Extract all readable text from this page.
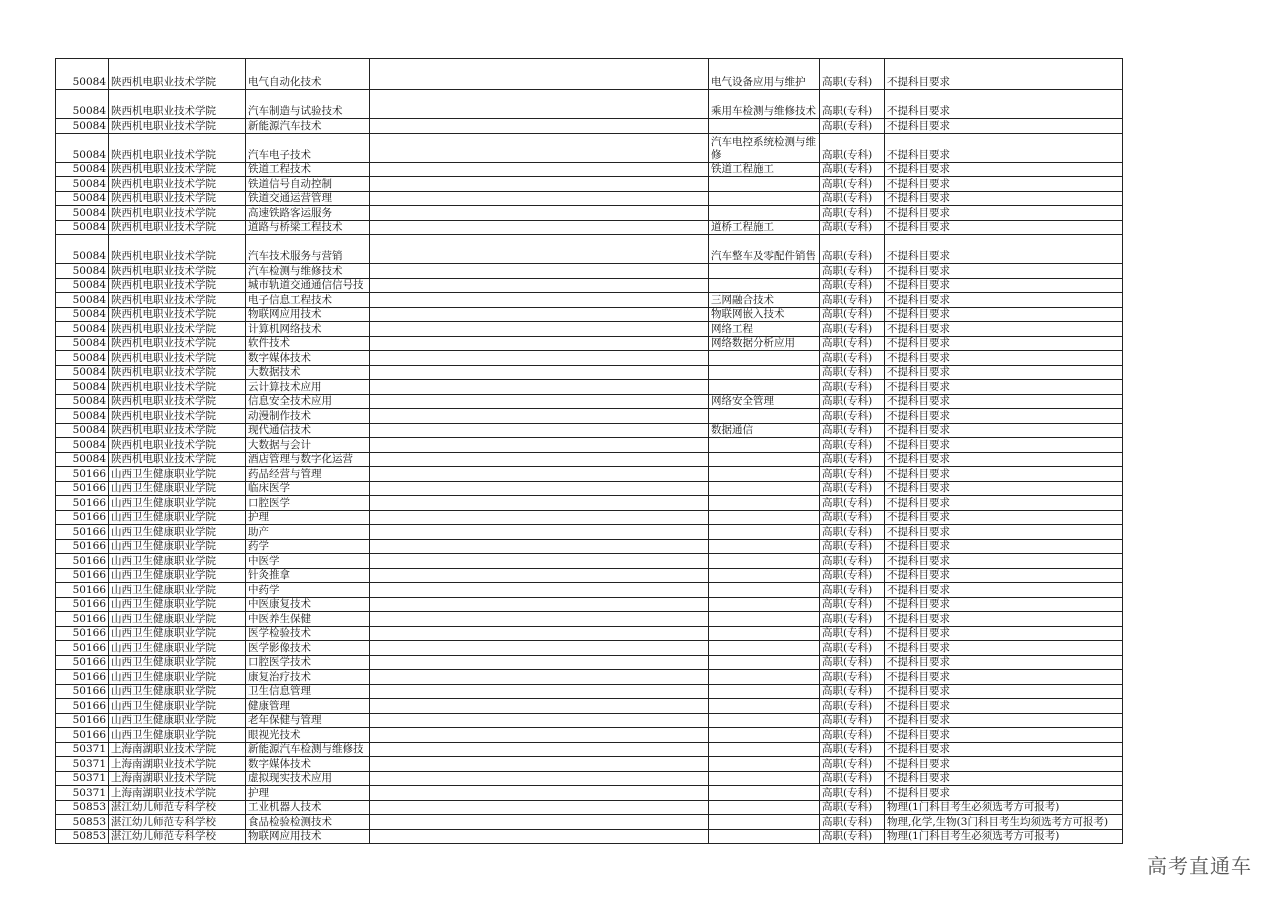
50084	陕西机电职业技术学院	电气自动化技术		电气设备应用与维护	高职(专科)	不提科目要求
50084	陕西机电职业技术学院	汽车制造与试验技术		乘用车检测与维修技术	高职(专科)	不提科目要求
50084	陕西机电职业技术学院	新能源汽车技术			高职(专科)	不提科目要求
50084	陕西机电职业技术学院	汽车电子技术		汽车电控系统检测与维修	高职(专科)	不提科目要求
50084	陕西机电职业技术学院	铁道工程技术		铁道工程施工	高职(专科)	不提科目要求
50084	陕西机电职业技术学院	铁道信号自动控制			高职(专科)	不提科目要求
50084	陕西机电职业技术学院	铁道交通运营管理			高职(专科)	不提科目要求
50084	陕西机电职业技术学院	高速铁路客运服务			高职(专科)	不提科目要求
50084	陕西机电职业技术学院	道路与桥梁工程技术		道桥工程施工	高职(专科)	不提科目要求
50084	陕西机电职业技术学院	汽车技术服务与营销		汽车整车及零配件销售	高职(专科)	不提科目要求
50084	陕西机电职业技术学院	汽车检测与维修技术			高职(专科)	不提科目要求
50084	陕西机电职业技术学院	城市轨道交通通信信号技			高职(专科)	不提科目要求
50084	陕西机电职业技术学院	电子信息工程技术		三网融合技术	高职(专科)	不提科目要求
50084	陕西机电职业技术学院	物联网应用技术		物联网嵌入技术	高职(专科)	不提科目要求
50084	陕西机电职业技术学院	计算机网络技术		网络工程	高职(专科)	不提科目要求
50084	陕西机电职业技术学院	软件技术		网络数据分析应用	高职(专科)	不提科目要求
50084	陕西机电职业技术学院	数字媒体技术			高职(专科)	不提科目要求
50084	陕西机电职业技术学院	大数据技术			高职(专科)	不提科目要求
50084	陕西机电职业技术学院	云计算技术应用			高职(专科)	不提科目要求
50084	陕西机电职业技术学院	信息安全技术应用		网络安全管理	高职(专科)	不提科目要求
50084	陕西机电职业技术学院	动漫制作技术			高职(专科)	不提科目要求
50084	陕西机电职业技术学院	现代通信技术		数据通信	高职(专科)	不提科目要求
50084	陕西机电职业技术学院	大数据与会计			高职(专科)	不提科目要求
50084	陕西机电职业技术学院	酒店管理与数字化运营			高职(专科)	不提科目要求
50166	山西卫生健康职业学院	药品经营与管理			高职(专科)	不提科目要求
50166	山西卫生健康职业学院	临床医学			高职(专科)	不提科目要求
50166	山西卫生健康职业学院	口腔医学			高职(专科)	不提科目要求
50166	山西卫生健康职业学院	护理			高职(专科)	不提科目要求
50166	山西卫生健康职业学院	助产			高职(专科)	不提科目要求
50166	山西卫生健康职业学院	药学			高职(专科)	不提科目要求
50166	山西卫生健康职业学院	中医学			高职(专科)	不提科目要求
50166	山西卫生健康职业学院	针灸推拿			高职(专科)	不提科目要求
50166	山西卫生健康职业学院	中药学			高职(专科)	不提科目要求
50166	山西卫生健康职业学院	中医康复技术			高职(专科)	不提科目要求
50166	山西卫生健康职业学院	中医养生保健			高职(专科)	不提科目要求
50166	山西卫生健康职业学院	医学检验技术			高职(专科)	不提科目要求
50166	山西卫生健康职业学院	医学影像技术			高职(专科)	不提科目要求
50166	山西卫生健康职业学院	口腔医学技术			高职(专科)	不提科目要求
50166	山西卫生健康职业学院	康复治疗技术			高职(专科)	不提科目要求
50166	山西卫生健康职业学院	卫生信息管理			高职(专科)	不提科目要求
50166	山西卫生健康职业学院	健康管理			高职(专科)	不提科目要求
50166	山西卫生健康职业学院	老年保健与管理			高职(专科)	不提科目要求
50166	山西卫生健康职业学院	眼视光技术			高职(专科)	不提科目要求
50371	上海南湖职业技术学院	新能源汽车检测与维修技			高职(专科)	不提科目要求
50371	上海南湖职业技术学院	数字媒体技术			高职(专科)	不提科目要求
50371	上海南湖职业技术学院	虚拟现实技术应用			高职(专科)	不提科目要求
50371	上海南湖职业技术学院	护理			高职(专科)	不提科目要求
50853	湛江幼儿师范专科学校	工业机器人技术			高职(专科)	物理(1门科目考生必须选考方可报考)
50853	湛江幼儿师范专科学校	食品检验检测技术			高职(专科)	物理,化学,生物(3门科目考生均须选考方可报考)
50853	湛江幼儿师范专科学校	物联网应用技术			高职(专科)	物理(1门科目考生必须选考方可报考)
高考直通车
